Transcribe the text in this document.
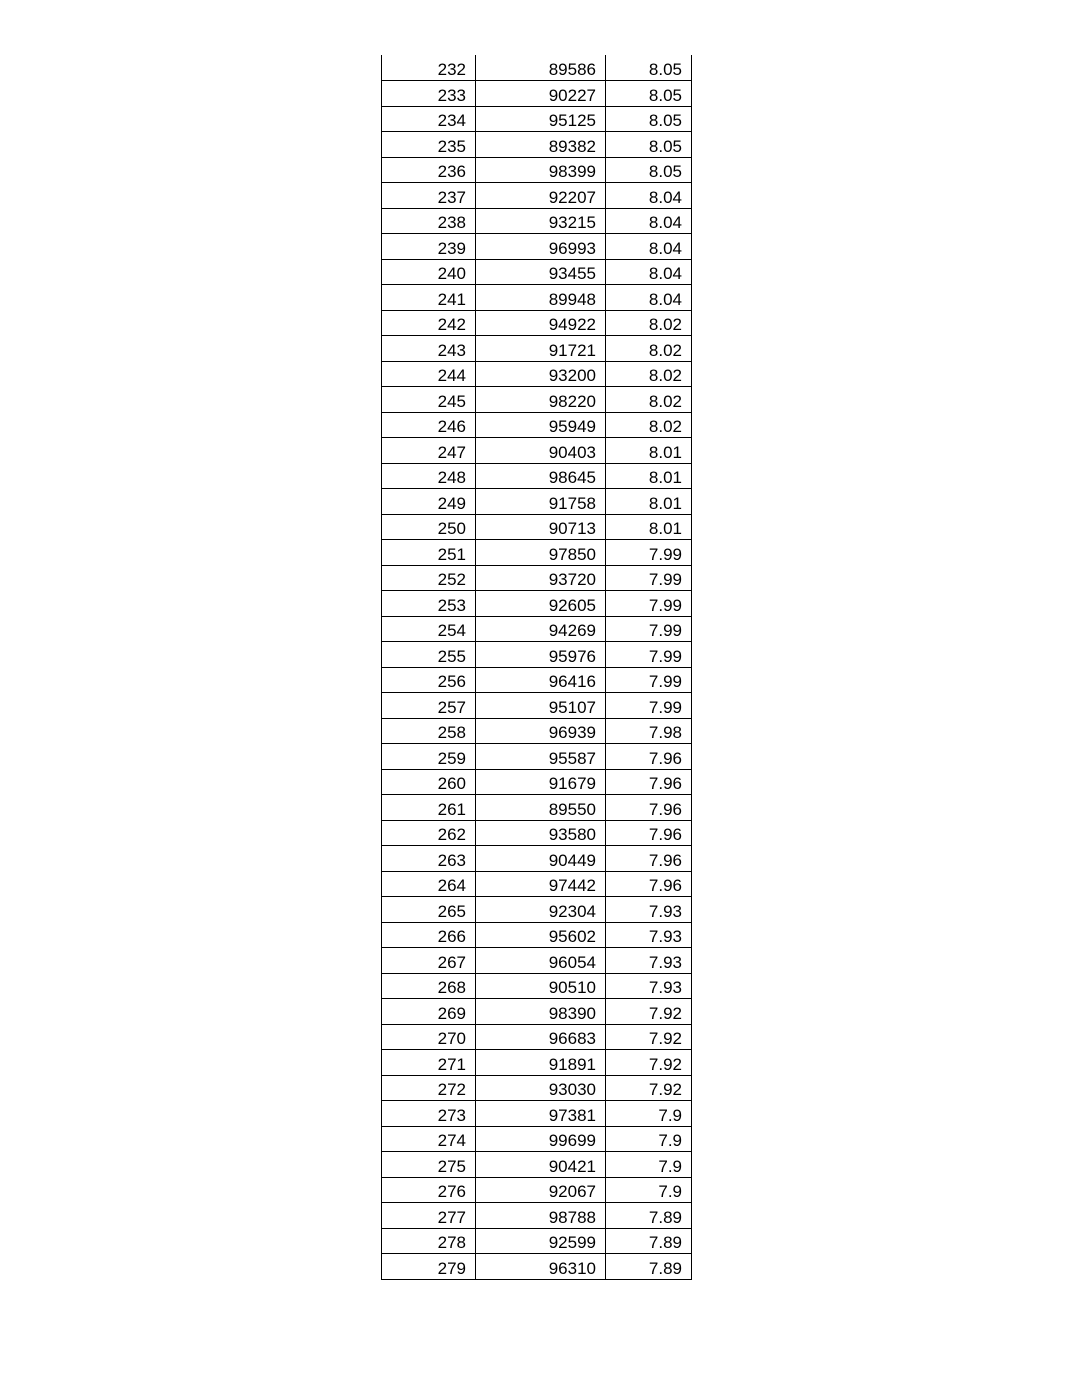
232	89586	8.05
233	90227	8.05
234	95125	8.05
235	89382	8.05
236	98399	8.05
237	92207	8.04
238	93215	8.04
239	96993	8.04
240	93455	8.04
241	89948	8.04
242	94922	8.02
243	91721	8.02
244	93200	8.02
245	98220	8.02
246	95949	8.02
247	90403	8.01
248	98645	8.01
249	91758	8.01
250	90713	8.01
251	97850	7.99
252	93720	7.99
253	92605	7.99
254	94269	7.99
255	95976	7.99
256	96416	7.99
257	95107	7.99
258	96939	7.98
259	95587	7.96
260	91679	7.96
261	89550	7.96
262	93580	7.96
263	90449	7.96
264	97442	7.96
265	92304	7.93
266	95602	7.93
267	96054	7.93
268	90510	7.93
269	98390	7.92
270	96683	7.92
271	91891	7.92
272	93030	7.92
273	97381	7.9
274	99699	7.9
275	90421	7.9
276	92067	7.9
277	98788	7.89
278	92599	7.89
279	96310	7.89
